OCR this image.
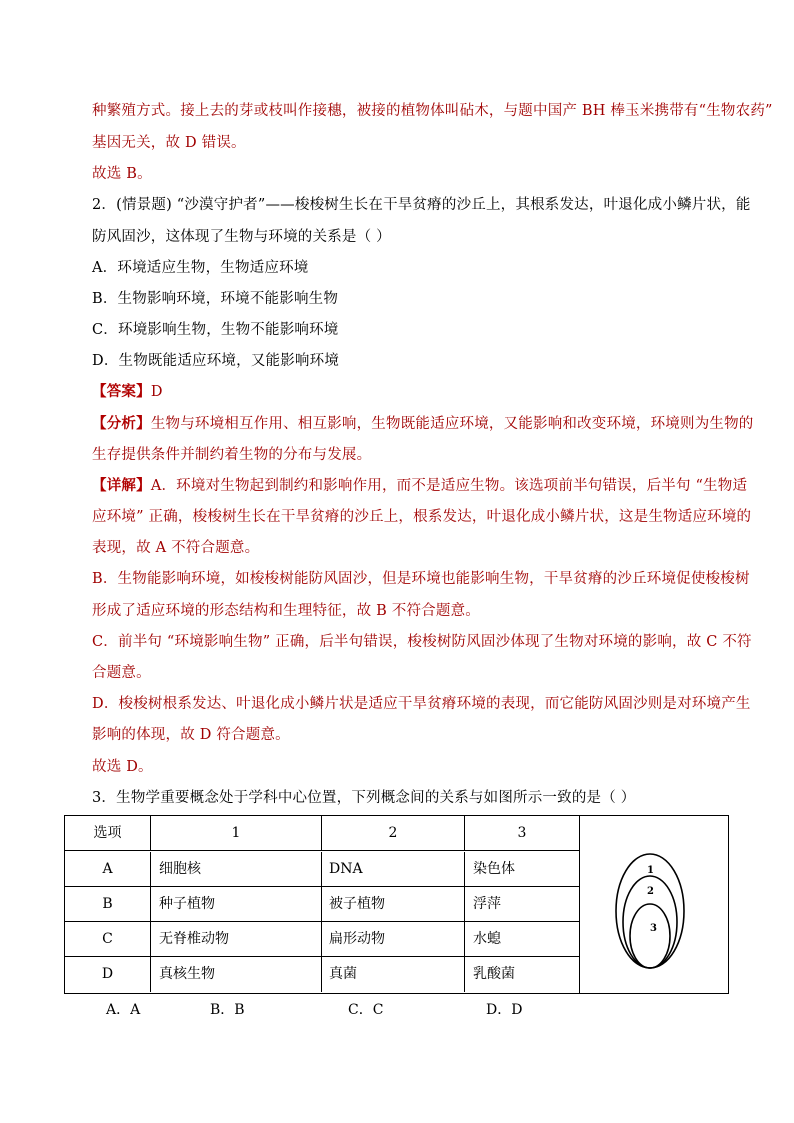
种繁殖方式。接上去的芽或枝叫作接穗，被接的植物体叫砧木，与题中国产 BH 棒玉米携带有“生物农药”
基因无关，故 D 错误。
故选 B。
2．(情景题) “沙漠守护者”——梭梭树生长在干旱贫瘠的沙丘上，其根系发达，叶退化成小鳞片状，能
防风固沙，这体现了生物与环境的关系是（ ）
A．环境适应生物，生物适应环境
B．生物影响环境，环境不能影响生物
C．环境影响生物，生物不能影响环境
D．生物既能适应环境，又能影响环境
【答案】D
【分析】生物与环境相互作用、相互影响，生物既能适应环境，又能影响和改变环境，环境则为生物的
生存提供条件并制约着生物的分布与发展。
【详解】A．环境对生物起到制约和影响作用，而不是适应生物。该选项前半句错误，后半句 “生物适
应环境” 正确，梭梭树生长在干旱贫瘠的沙丘上，根系发达，叶退化成小鳞片状，这是生物适应环境的
表现，故 A 不符合题意。
B．生物能影响环境，如梭梭树能防风固沙，但是环境也能影响生物，干旱贫瘠的沙丘环境促使梭梭树
形成了适应环境的形态结构和生理特征，故 B 不符合题意。
C．前半句 “环境影响生物” 正确，后半句错误，梭梭树防风固沙体现了生物对环境的影响，故 C 不符
合题意。
D．梭梭树根系发达、叶退化成小鳞片状是适应干旱贫瘠环境的表现，而它能防风固沙则是对环境产生
影响的体现，故 D 符合题意。
故选 D。
3．生物学重要概念处于学科中心位置，下列概念间的关系与如图所示一致的是（ ）
选项	1	2	3
A	细胞核	DNA	染色体
B	种子植物	被子植物	浮萍
C	无脊椎动物	扁形动物	水螅
D	真核生物	真菌	乳酸菌
1
2
3
A．A	B．B	C．C	D．D
